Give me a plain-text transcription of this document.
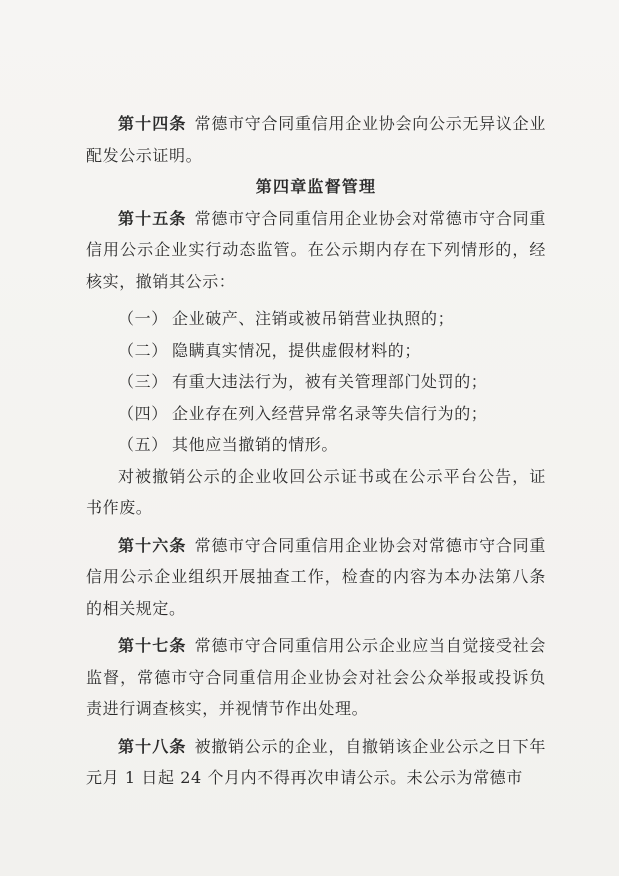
第十四条 常德市守合同重信用企业协会向公示无异议企业配发公示证明。

第四章监督管理

第十五条 常德市守合同重信用企业协会对常德市守合同重信用公示企业实行动态监管。在公示期内存在下列情形的，经核实，撤销其公示：

（一） 企业破产、注销或被吊销营业执照的；

（二） 隐瞒真实情况，提供虚假材料的；

（三） 有重大违法行为，被有关管理部门处罚的；

（四） 企业存在列入经营异常名录等失信行为的；

（五） 其他应当撤销的情形。

对被撤销公示的企业收回公示证书或在公示平台公告，证书作废。

第十六条 常德市守合同重信用企业协会对常德市守合同重信用公示企业组织开展抽查工作，检查的内容为本办法第八条的相关规定。

第十七条 常德市守合同重信用公示企业应当自觉接受社会监督，常德市守合同重信用企业协会对社会公众举报或投诉负责进行调查核实，并视情节作出处理。

第十八条 被撤销公示的企业，自撤销该企业公示之日下年元月 1 日起 24 个月内不得再次申请公示。未公示为常德市
